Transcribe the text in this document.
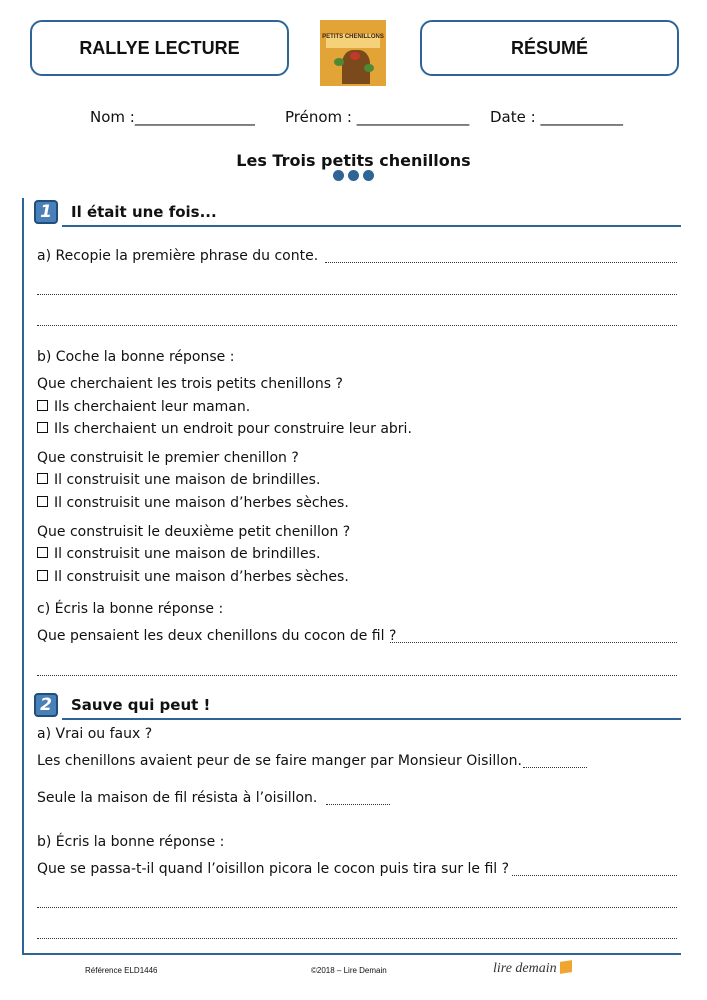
RALLYE LECTURE
PETITS CHENILLONS
RÉSUMÉ
Nom :________________ Prénom : _______________ Date : ___________
Les Trois petits chenillons
1	Il était une fois...
a) Recopie la première phrase du conte.
b) Coche la bonne réponse :
Que cherchaient les trois petits chenillons ?
Ils cherchaient leur maman.
Ils cherchaient un endroit pour construire leur abri.
Que construisit le premier chenillon ?
Il construisit une maison de brindilles.
Il construisit une maison d’herbes sèches.
Que construisit le deuxième petit chenillon ?
Il construisit une maison de brindilles.
Il construisit une maison d’herbes sèches.
c) Écris la bonne réponse :
Que pensaient les deux chenillons du cocon de fil ?
2	Sauve qui peut !
a) Vrai ou faux ?
Les chenillons avaient peur de se faire manger par Monsieur Oisillon.
Seule la maison de fil résista à l’oisillon.
b) Écris la bonne réponse :
Que se passa-t-il quand l’oisillon picora le cocon puis tira sur le fil ?
Référence ELD1446	©2018 – Lire Demain	lire demain
